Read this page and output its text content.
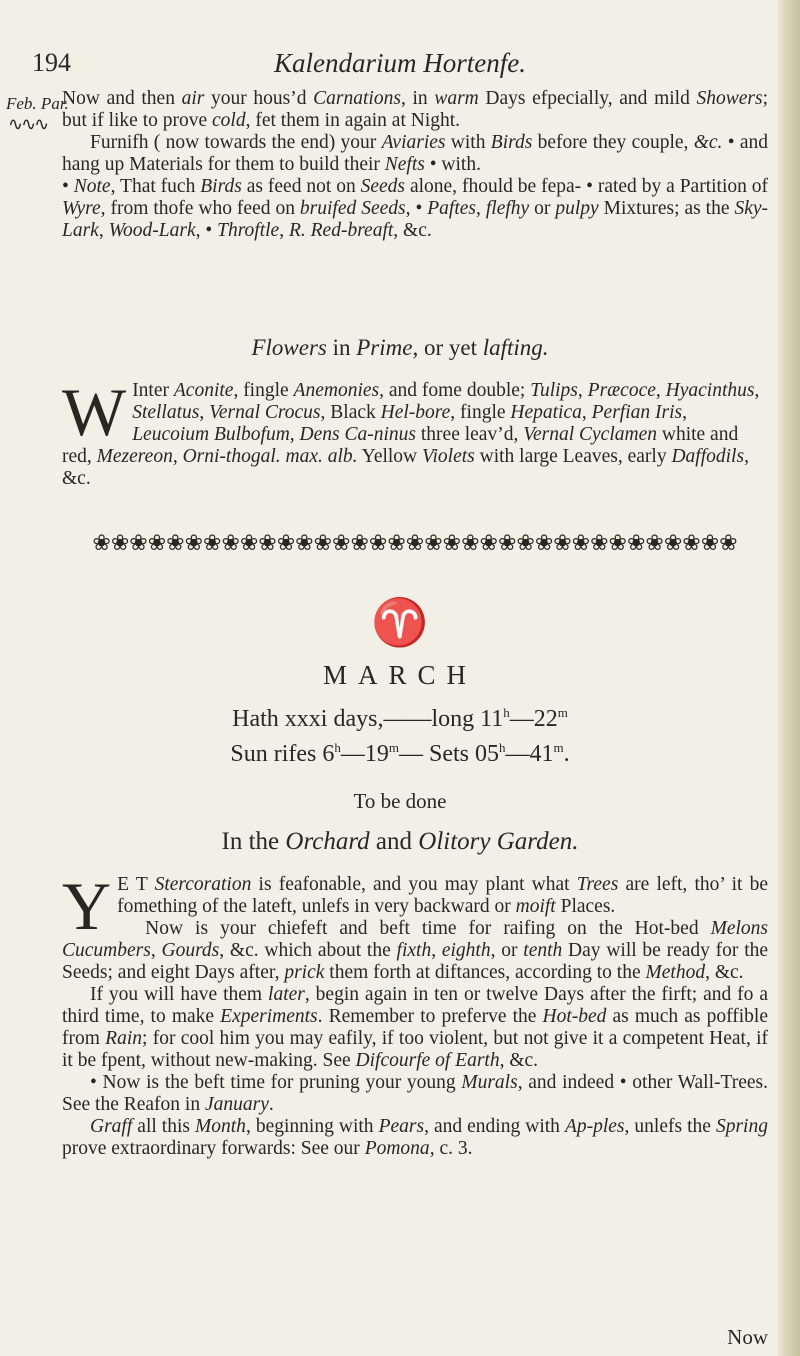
194	Kalendarium Hortenfe.
Feb. Par.
∿∿∿

Now and then air your hous’d Carnations, in warm Days efpecially, and mild Showers; but if like to prove cold, fet them in again at Night.

Furnifh ( now towards the end) your Aviaries with Birds before they couple, &c. • and hang up Materials for them to build their Nefts • with.

• Note, That fuch Birds as feed not on Seeds alone, fhould be fepa- • rated by a Partition of Wyre, from thofe who feed on bruifed Seeds, • Paftes, flefhy or pulpy Mixtures; as the Sky-Lark, Wood-Lark, • Throftle, R. Red-breaft, &c.

Flowers in Prime, or yet lafting.
W Inter Aconite, fingle Anemonies, and fome double; Tulips, Præcoce, Hyacinthus, Stellatus, Vernal Crocus, Black Hel-bore, fingle Hepatica, Perfian Iris, Leucoium Bulbofum, Dens Ca-ninus three leav’d, Vernal Cyclamen white and red, Mezereon, Orni-thogal. max. alb. Yellow Violets with large Leaves, early Daffodils, &c.
❀❀❀❀❀❀❀❀❀❀❀❀❀❀❀❀❀❀❀❀❀❀❀❀❀❀❀❀❀❀❀❀❀❀❀
♈
MARCH
Hath xxxi days,——long 11$^h$—22$^m$
Sun rifes 6$^h$—19$^m$— Sets 05$^h$—41$^m$.
To be done
In the Orchard and Olitory Garden.

Y E T Stercoration is feafonable, and you may plant what Trees are left, tho’ it be fomething of the lateft, unlefs in very backward or moift Places.

Now is your chiefeft and beft time for raifing on the Hot-bed Melons Cucumbers, Gourds, &c. which about the fixth, eighth, or tenth Day will be ready for the Seeds; and eight Days after, prick them forth at diftances, according to the Method, &c.

If you will have them later, begin again in ten or twelve Days after the firft; and fo a third time, to make Experiments. Remember to preferve the Hot-bed as much as poffible from Rain; for cool him you may eafily, if too violent, but not give it a competent Heat, if it be fpent, without new-making. See Difcourfe of Earth, &c.

• Now is the beft time for pruning your young Murals, and indeed • other Wall-Trees. See the Reafon in January.

Graff all this Month, beginning with Pears, and ending with Ap-ples, unlefs the Spring prove extraordinary forwards: See our Pomona, c. 3.

Now
